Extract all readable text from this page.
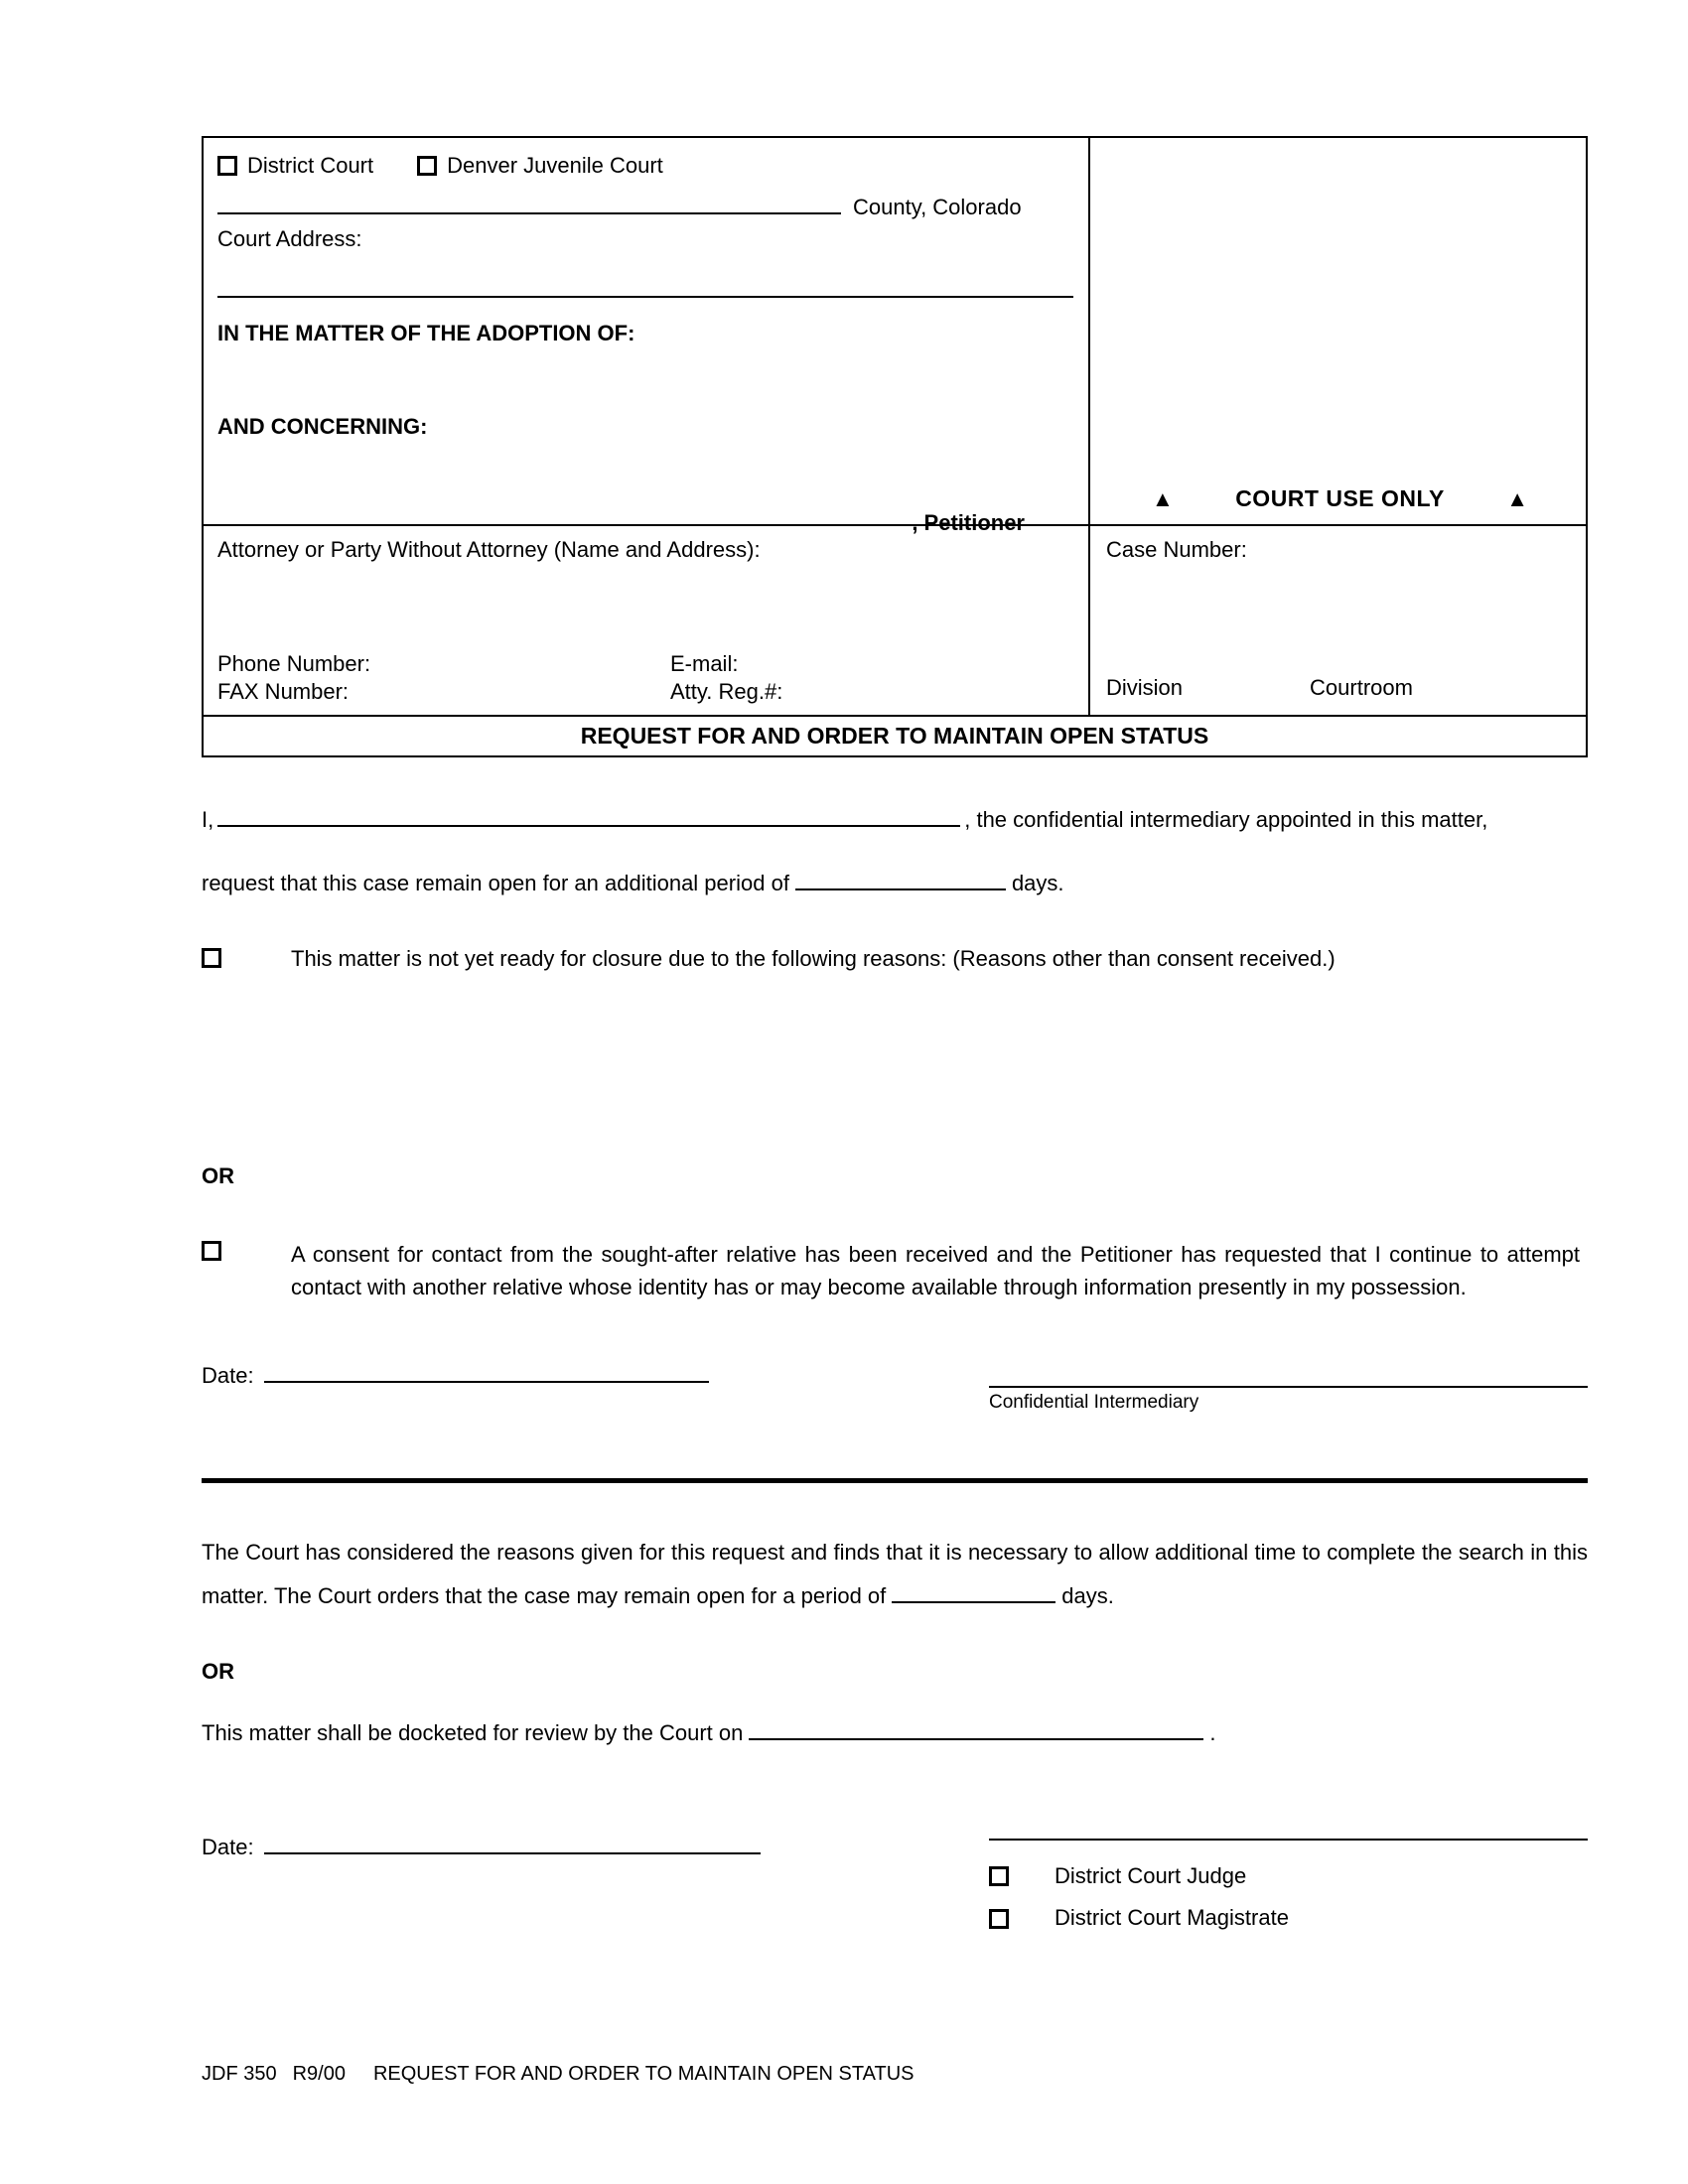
District Court	Denver Juvenile Court
County, Colorado
Court Address:
IN THE MATTER OF THE ADOPTION OF:
AND CONCERNING:
, Petitioner
▲	COURT USE ONLY	▲
Attorney or Party Without Attorney (Name and Address):
Phone Number:	E-mail:
FAX Number:	Atty. Reg.#:
Case Number:
Division	Courtroom
REQUEST FOR AND ORDER TO MAINTAIN OPEN STATUS

I,	, the confidential intermediary appointed in this matter,

request that this case remain open for an additional period of	days.

This matter is not yet ready for closure due to the following reasons: (Reasons other than consent received.)
OR
A consent for contact from the sought-after relative has been received and the Petitioner has requested that I continue to attempt contact with another relative whose identity has or may become available through information presently in my possession.
Date:
Confidential Intermediary

The Court has considered the reasons given for this request and finds that it is necessary to allow additional time to complete the search in this matter. The Court orders that the case may remain open for a period of	days.

OR

This matter shall be docketed for review by the Court on	.

Date:
District Court Judge
District Court Magistrate
JDF 350 R9/00 REQUEST FOR AND ORDER TO MAINTAIN OPEN STATUS
